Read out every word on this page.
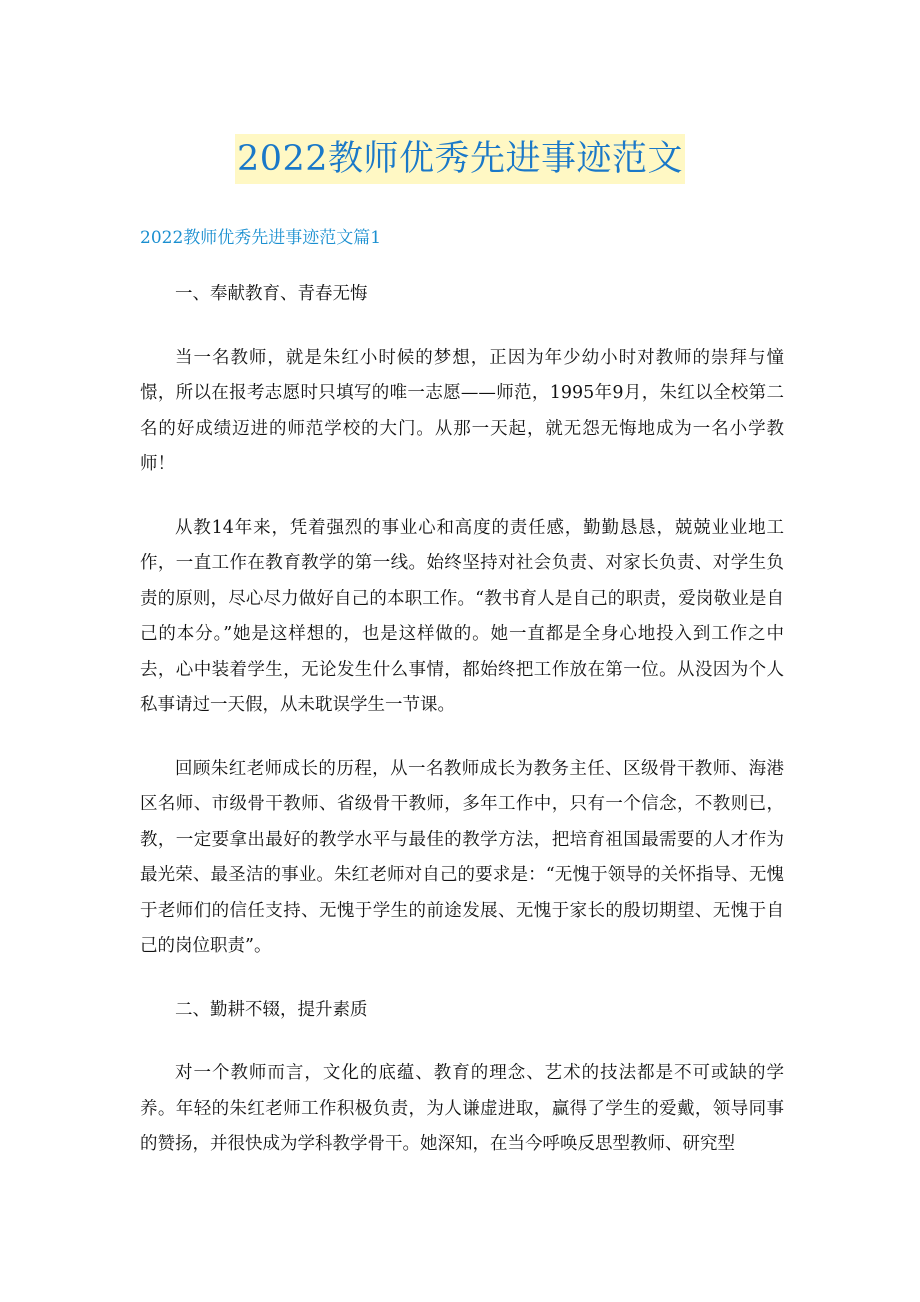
2022教师优秀先进事迹范文
2022教师优秀先进事迹范文篇1

一、奉献教育、青春无悔

当一名教师，就是朱红小时候的梦想，正因为年少幼小时对教师的崇拜与憧憬，所以在报考志愿时只填写的唯一志愿——师范，1995年9月，朱红以全校第二名的好成绩迈进的师范学校的大门。从那一天起，就无怨无悔地成为一名小学教师！

从教14年来，凭着强烈的事业心和高度的责任感，勤勤恳恳，兢兢业业地工作，一直工作在教育教学的第一线。始终坚持对社会负责、对家长负责、对学生负责的原则，尽心尽力做好自己的本职工作。“教书育人是自己的职责，爱岗敬业是自己的本分。”她是这样想的，也是这样做的。她一直都是全身心地投入到工作之中去，心中装着学生，无论发生什么事情，都始终把工作放在第一位。从没因为个人私事请过一天假，从未耽误学生一节课。

回顾朱红老师成长的历程，从一名教师成长为教务主任、区级骨干教师、海港区名师、市级骨干教师、省级骨干教师，多年工作中，只有一个信念，不教则已，教，一定要拿出最好的教学水平与最佳的教学方法，把培育祖国最需要的人才作为最光荣、最圣洁的事业。朱红老师对自己的要求是：“无愧于领导的关怀指导、无愧于老师们的信任支持、无愧于学生的前途发展、无愧于家长的殷切期望、无愧于自己的岗位职责”。

二、勤耕不辍，提升素质

对一个教师而言，文化的底蕴、教育的理念、艺术的技法都是不可或缺的学养。年轻的朱红老师工作积极负责，为人谦虚进取，赢得了学生的爱戴，领导同事的赞扬，并很快成为学科教学骨干。她深知，在当今呼唤反思型教师、研究型
